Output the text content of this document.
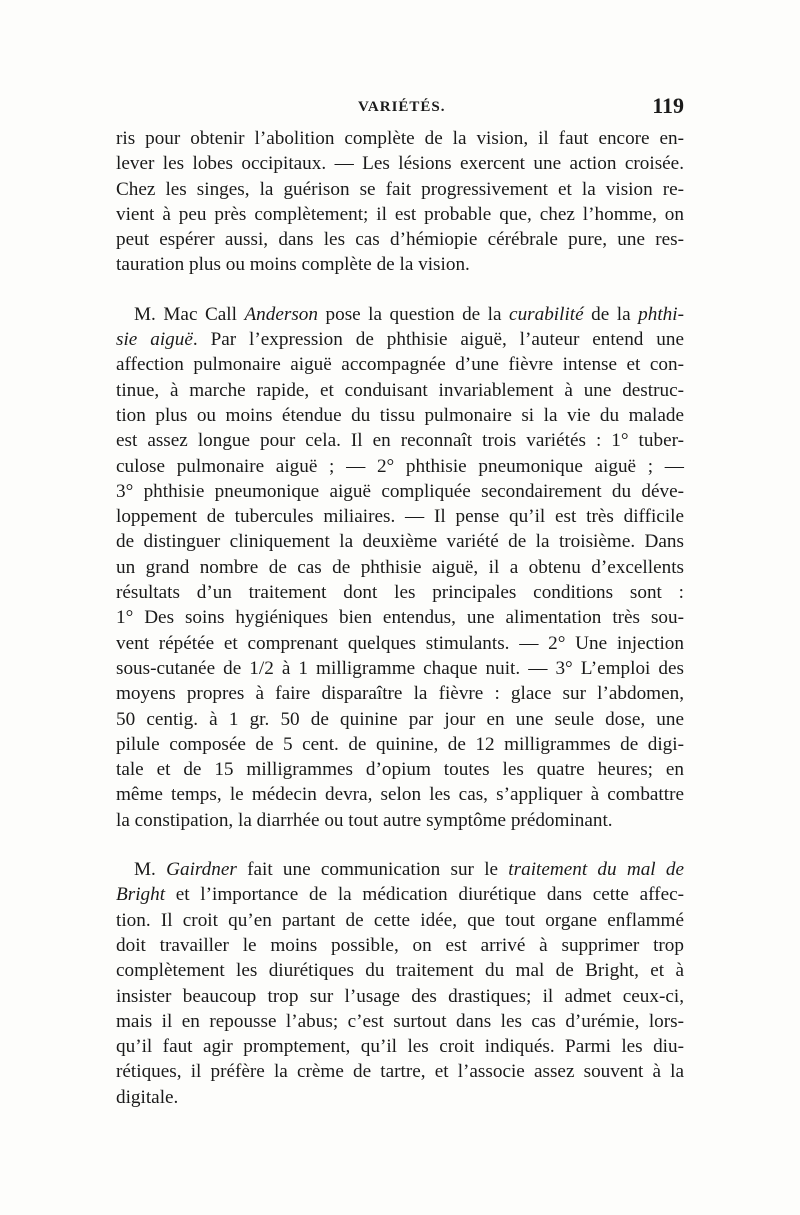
VARIÉTÉS.	119
ris pour obtenir l’abolition complète de la vision, il faut encore en-
lever les lobes occipitaux. — Les lésions exercent une action croisée.
Chez les singes, la guérison se fait progressivement et la vision re-
vient à peu près complètement; il est probable que, chez l’homme, on
peut espérer aussi, dans les cas d’hémiopie cérébrale pure, une res-
tauration plus ou moins complète de la vision.
M. Mac Call Anderson pose la question de la curabilité de la phthi-
sie aiguë. Par l’expression de phthisie aiguë, l’auteur entend une
affection pulmonaire aiguë accompagnée d’une fièvre intense et con-
tinue, à marche rapide, et conduisant invariablement à une destruc-
tion plus ou moins étendue du tissu pulmonaire si la vie du malade
est assez longue pour cela. Il en reconnaît trois variétés : 1° tuber-
culose pulmonaire aiguë ; — 2° phthisie pneumonique aiguë ; —
3° phthisie pneumonique aiguë compliquée secondairement du déve-
loppement de tubercules miliaires. — Il pense qu’il est très difficile
de distinguer cliniquement la deuxième variété de la troisième. Dans
un grand nombre de cas de phthisie aiguë, il a obtenu d’excellents
résultats d’un traitement dont les principales conditions sont :
1° Des soins hygiéniques bien entendus, une alimentation très sou-
vent répétée et comprenant quelques stimulants. — 2° Une injection
sous-cutanée de 1/2 à 1 milligramme chaque nuit. — 3° L’emploi des
moyens propres à faire disparaître la fièvre : glace sur l’abdomen,
50 centig. à 1 gr. 50 de quinine par jour en une seule dose, une
pilule composée de 5 cent. de quinine, de 12 milligrammes de digi-
tale et de 15 milligrammes d’opium toutes les quatre heures; en
même temps, le médecin devra, selon les cas, s’appliquer à combattre
la constipation, la diarrhée ou tout autre symptôme prédominant.
M. Gairdner fait une communication sur le traitement du mal de
Bright et l’importance de la médication diurétique dans cette affec-
tion. Il croit qu’en partant de cette idée, que tout organe enflammé
doit travailler le moins possible, on est arrivé à supprimer trop
complètement les diurétiques du traitement du mal de Bright, et à
insister beaucoup trop sur l’usage des drastiques; il admet ceux-ci,
mais il en repousse l’abus; c’est surtout dans les cas d’urémie, lors-
qu’il faut agir promptement, qu’il les croit indiqués. Parmi les diu-
rétiques, il préfère la crème de tartre, et l’associe assez souvent à la
digitale.
